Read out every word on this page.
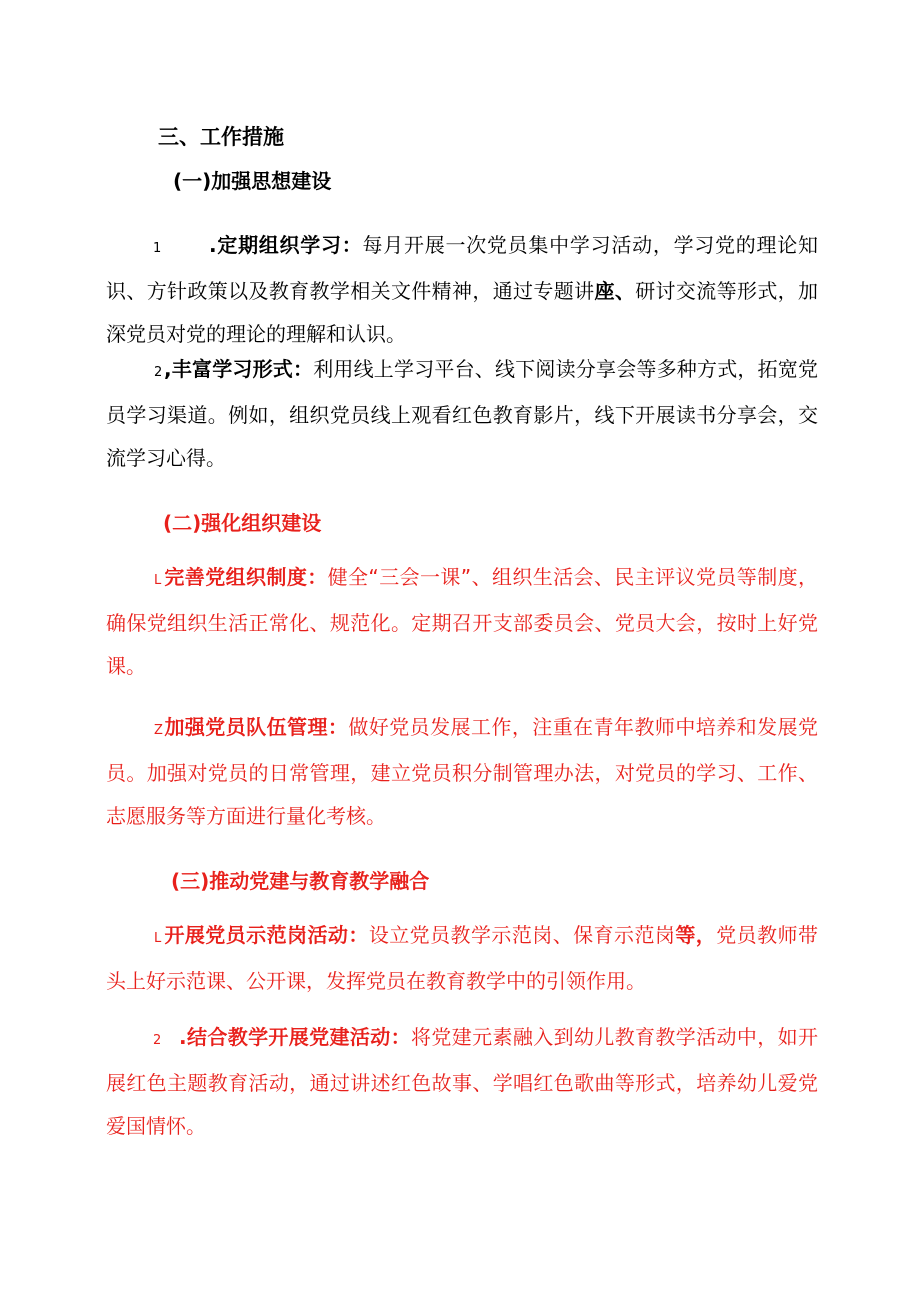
三、工作措施
(一)加强思想建设

1 .定期组织学习：每月开展一次党员集中学习活动，学习党的理论知识、方针政策以及教育教学相关文件精神，通过专题讲座、研讨交流等形式，加深党员对党的理论的理解和认识。

2,丰富学习形式：利用线上学习平台、线下阅读分享会等多种方式，拓宽党员学习渠道。例如，组织党员线上观看红色教育影片，线下开展读书分享会，交流学习心得。

(二)强化组织建设

L 完善党组织制度：健全“三会一课”、组织生活会、民主评议党员等制度，确保党组织生活正常化、规范化。定期召开支部委员会、党员大会，按时上好党课。

Z加强党员队伍管理：做好党员发展工作，注重在青年教师中培养和发展党员。加强对党员的日常管理，建立党员积分制管理办法，对党员的学习、工作、志愿服务等方面进行量化考核。

(三)推动党建与教育教学融合

L 开展党员示范岗活动：设立党员教学示范岗、保育示范岗等，党员教师带头上好示范课、公开课，发挥党员在教育教学中的引领作用。

2 .结合教学开展党建活动：将党建元素融入到幼儿教育教学活动中，如开展红色主题教育活动，通过讲述红色故事、学唱红色歌曲等形式，培养幼儿爱党爱国情怀。
